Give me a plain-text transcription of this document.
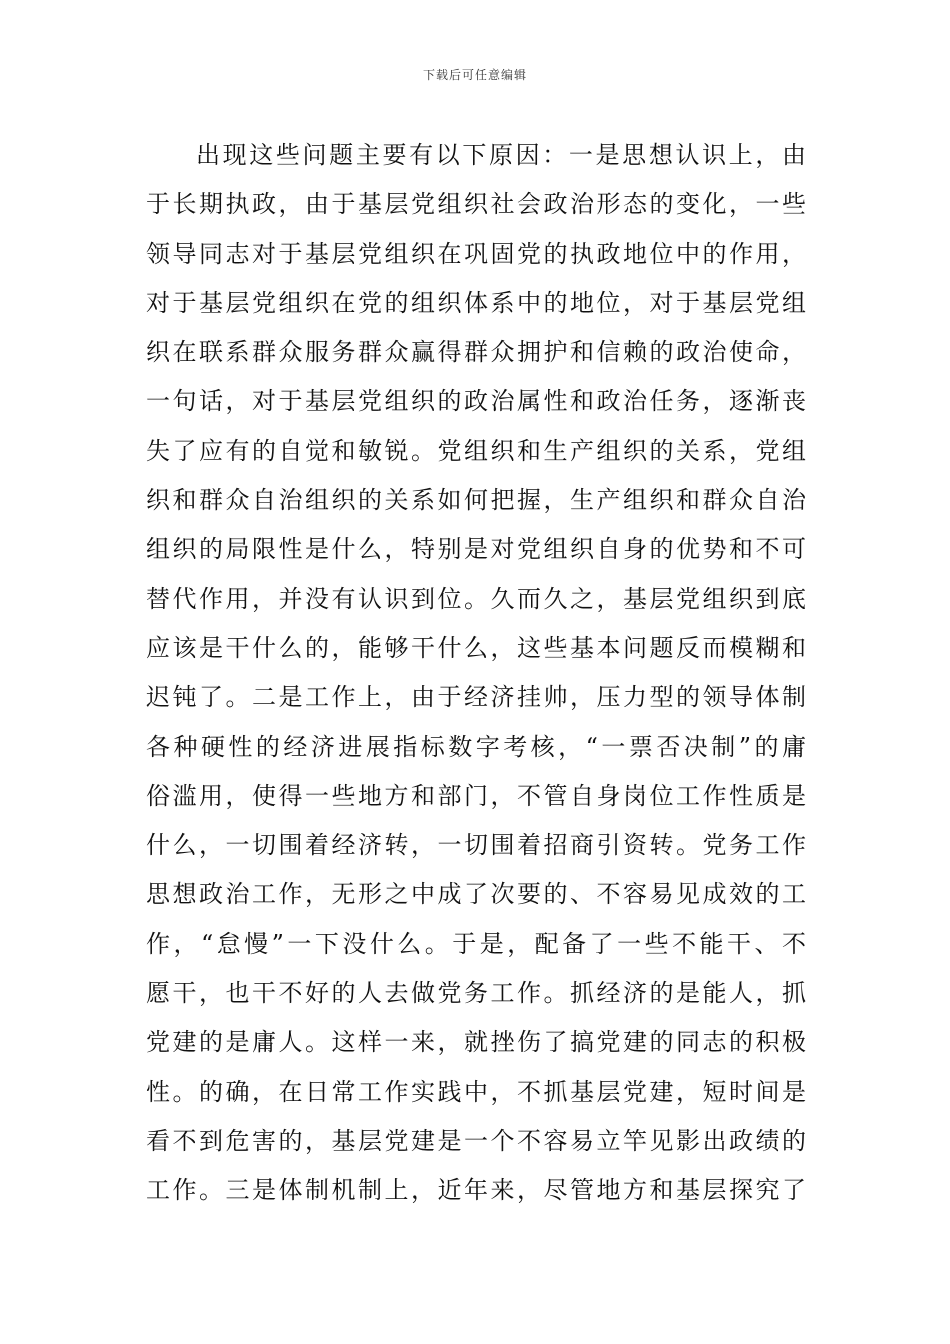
下载后可任意编辑
出现这些问题主要有以下原因：一是思想认识上，由
于长期执政，由于基层党组织社会政治形态的变化，一些
领导同志对于基层党组织在巩固党的执政地位中的作用，
对于基层党组织在党的组织体系中的地位，对于基层党组
织在联系群众服务群众赢得群众拥护和信赖的政治使命，
一句话，对于基层党组织的政治属性和政治任务，逐渐丧
失了应有的自觉和敏锐。党组织和生产组织的关系，党组
织和群众自治组织的关系如何把握，生产组织和群众自治
组织的局限性是什么，特别是对党组织自身的优势和不可
替代作用，并没有认识到位。久而久之，基层党组织到底
应该是干什么的，能够干什么，这些基本问题反而模糊和
迟钝了。二是工作上，由于经济挂帅，压力型的领导体制
各种硬性的经济进展指标数字考核，“一票否决制”的庸
俗滥用，使得一些地方和部门，不管自身岗位工作性质是
什么，一切围着经济转，一切围着招商引资转。党务工作
思想政治工作，无形之中成了次要的、不容易见成效的工
作，“怠慢”一下没什么。于是，配备了一些不能干、不
愿干，也干不好的人去做党务工作。抓经济的是能人，抓
党建的是庸人。这样一来，就挫伤了搞党建的同志的积极
性。的确，在日常工作实践中，不抓基层党建，短时间是
看不到危害的，基层党建是一个不容易立竿见影出政绩的
工作。三是体制机制上，近年来，尽管地方和基层探究了
